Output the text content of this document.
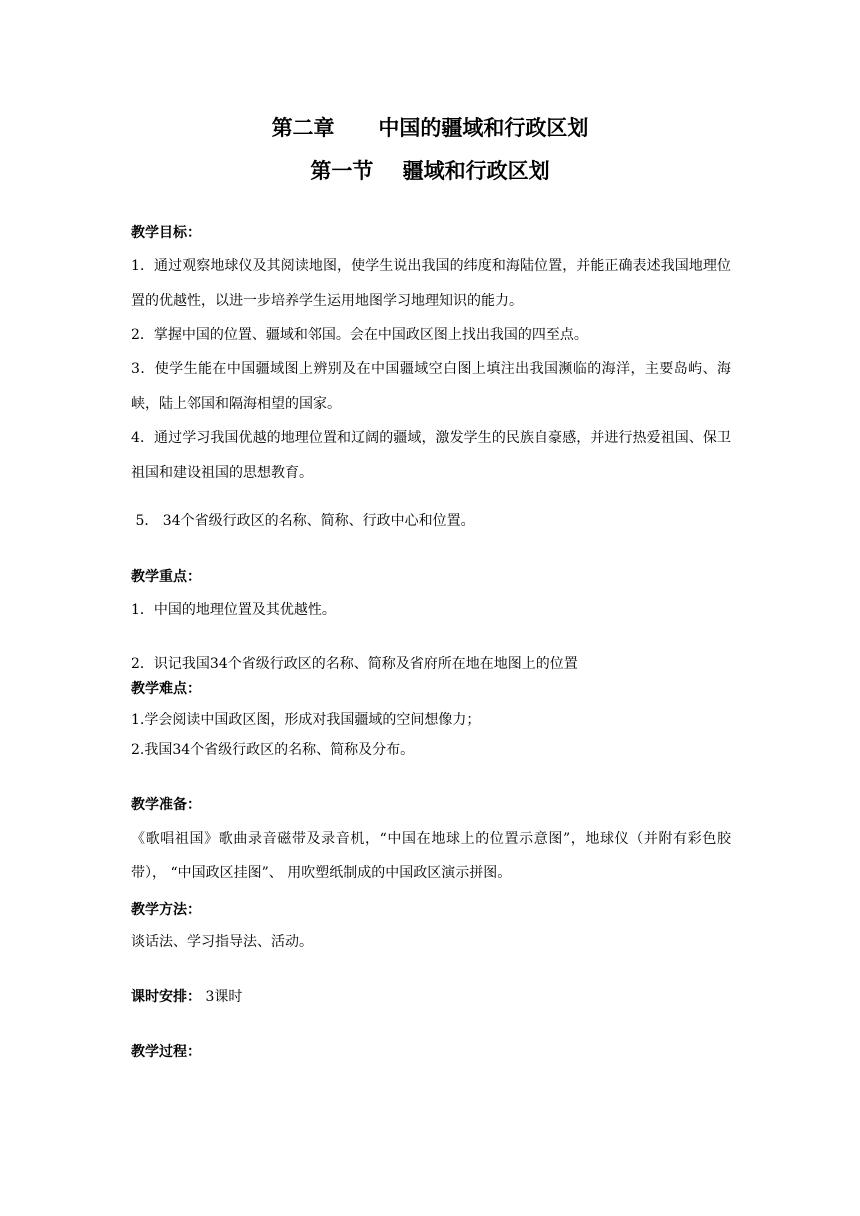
第二章      中国的疆域和行政区划
第一节    疆域和行政区划
教学目标：
1．通过观察地球仪及其阅读地图，使学生说出我国的纬度和海陆位置，并能正确表述我国地理位置的优越性，以进一步培养学生运用地图学习地理知识的能力。
2．掌握中国的位置、疆域和邻国。会在中国政区图上找出我国的四至点。
3．使学生能在中国疆域图上辨别及在中国疆域空白图上填注出我国濒临的海洋，主要岛屿、海峡，陆上邻国和隔海相望的国家。
4．通过学习我国优越的地理位置和辽阔的疆域，激发学生的民族自豪感，并进行热爱祖国、保卫祖国和建设祖国的思想教育。
5． 34个省级行政区的名称、简称、行政中心和位置。
教学重点：
1．中国的地理位置及其优越性。
2．识记我国34个省级行政区的名称、简称及省府所在地在地图上的位置
教学难点：
1.学会阅读中国政区图，形成对我国疆域的空间想像力；
2.我国34个省级行政区的名称、简称及分布。
教学准备：
《歌唱祖国》歌曲录音磁带及录音机，“中国在地球上的位置示意图”，地球仪（并附有彩色胶带）， “中国政区挂图”、 用吹塑纸制成的中国政区演示拼图。
教学方法：
谈话法、学习指导法、活动。
课时安排： 3课时
教学过程：
